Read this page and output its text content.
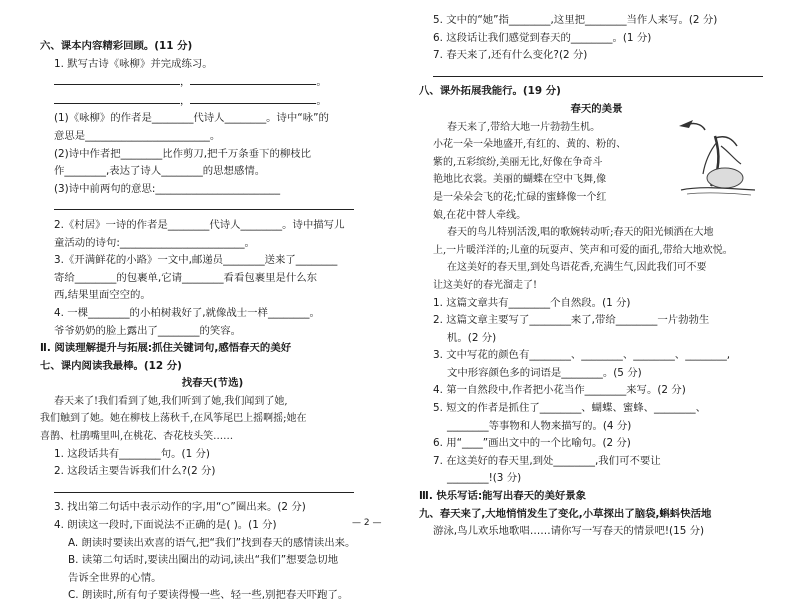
六、课本内容精彩回顾。(11 分)
1. 默写古诗《咏柳》并完成练习。
，	。
，	。
(1)《咏柳》的作者是________代诗人________。诗中“咏”的
意思是________________________。
(2)诗中作者把________比作剪刀,把千万条垂下的柳枝比
作________,表达了诗人________的思想感情。
(3)诗中前两句的意思:________________________
2.《村居》一诗的作者是________代诗人________。诗中描写儿
童活动的诗句:________________________。
3.《开满鲜花的小路》一文中,邮递员________送来了________
寄给________的包裹单,它请________看看包裹里是什么东
西,结果里面空空的。
4. 一棵________的小柏树栽好了,就像战士一样________。
爷爷奶奶的脸上露出了________的笑容。
Ⅱ. 阅读理解提升与拓展:抓住关键词句,感悟春天的美好
七、课内阅读我最棒。(12 分)
找春天(节选)
春天来了!我们看到了她,我们听到了她,我们闻到了她,
我们触到了她。她在柳枝上荡秋千,在风筝尾巴上摇啊摇;她在
喜鹊、杜鹃嘴里叫,在桃花、杏花枝头笑……
1. 这段话共有________句。(1 分)
2. 这段话主要告诉我们什么?(2 分)
3. 找出第二句话中表示动作的字,用“○”圈出来。(2 分)
4. 朗读这一段时,下面说法不正确的是( )。(1 分)
A. 朗读时要读出欢喜的语气,把“我们”找到春天的感情读出来。
B. 读第二句话时,要读出圈出的动词,读出“我们”想要急切地
告诉全世界的心情。
C. 朗读时,所有句子要读得慢一些、轻一些,别把春天吓跑了。
— 2 —
5. 文中的“她”指________,这里把________当作人来写。(2 分)
6. 这段话让我们感觉到春天的________。(1 分)
7. 春天来了,还有什么变化?(2 分)
八、课外拓展我能行。(19 分)
春天的美景
春天来了,带给大地一片勃勃生机。
小花一朵一朵地盛开,有红的、黄的、粉的、
紫的,五彩缤纷,美丽无比,好像在争奇斗
艳地比衣裳。美丽的蝴蝶在空中飞舞,像
是一朵朵会飞的花;忙碌的蜜蜂像一个红
娘,在花中替人牵线。
春天的鸟儿特别活泼,唱的歌婉转动听;春天的阳光倾洒在大地
上,一片暖洋洋的;儿童的玩耍声、笑声和可爱的面孔,带给大地欢悦。
在这美好的春天里,到处鸟语花香,充满生气,因此我们可不要
让这美好的春光溜走了!
1. 这篇文章共有________个自然段。(1 分)
2. 这篇文章主要写了________来了,带给________一片勃勃生
机。(2 分)
3. 文中写花的颜色有________、________、________、________,
文中形容颜色多的词语是________。(5 分)
4. 第一自然段中,作者把小花当作________来写。(2 分)
5. 短文的作者是抓住了________、蝴蝶、蜜蜂、________、
________等事物和人物来描写的。(4 分)
6. 用“____”画出文中的一个比喻句。(2 分)
7. 在这美好的春天里,到处________,我们可不要让
________!(3 分)
Ⅲ. 快乐写话:能写出春天的美好景象
九、春天来了,大地悄悄发生了变化,小草探出了脑袋,蝌蚪快活地
游泳,鸟儿欢乐地歌唱……请你写一写春天的情景吧!(15 分)
